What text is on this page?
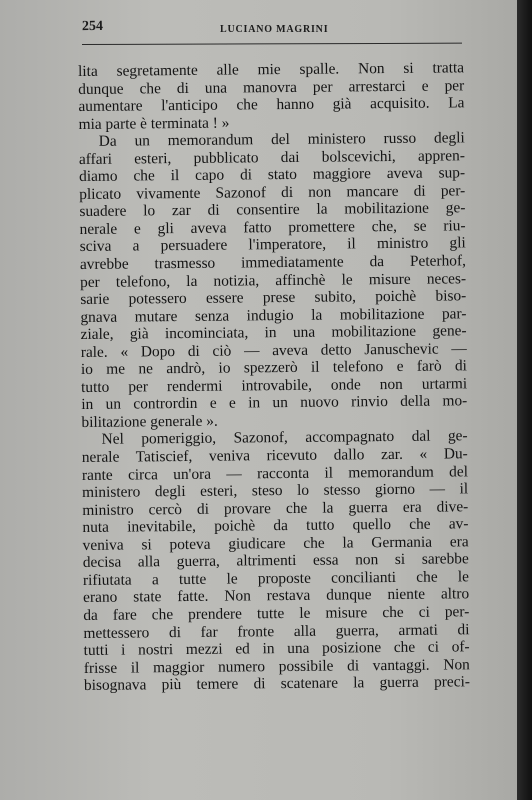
254	LUCIANO MAGRINI
lita segretamente alle mie spalle. Non si tratta
dunque che di una manovra per arrestarci e per
aumentare l'anticipo che hanno già acquisito. La
mia parte è terminata ! »
Da un memorandum del ministero russo degli
affari esteri, pubblicato dai bolscevichi, appren-
diamo che il capo di stato maggiore aveva sup-
plicato vivamente Sazonof di non mancare di per-
suadere lo zar di consentire la mobilitazione ge-
nerale e gli aveva fatto promettere che, se riu-
sciva a persuadere l'imperatore, il ministro gli
avrebbe trasmesso immediatamente da Peterhof,
per telefono, la notizia, affinchè le misure neces-
sarie potessero essere prese subito, poichè biso-
gnava mutare senza indugio la mobilitazione par-
ziale, già incominciata, in una mobilitazione gene-
rale. « Dopo di ciò — aveva detto Januschevic —
io me ne andrò, io spezzerò il telefono e farò di
tutto per rendermi introvabile, onde non urtarmi
in un contrordin e e in un nuovo rinvio della mo-
bilitazione generale ».
Nel pomeriggio, Sazonof, accompagnato dal ge-
nerale Tatiscief, veniva ricevuto dallo zar. « Du-
rante circa un'ora — racconta il memorandum del
ministero degli esteri, steso lo stesso giorno — il
ministro cercò di provare che la guerra era dive-
nuta inevitabile, poichè da tutto quello che av-
veniva si poteva giudicare che la Germania era
decisa alla guerra, altrimenti essa non si sarebbe
rifiutata a tutte le proposte concilianti che le
erano state fatte. Non restava dunque niente altro
da fare che prendere tutte le misure che ci per-
mettessero di far fronte alla guerra, armati di
tutti i nostri mezzi ed in una posizione che ci of-
frisse il maggior numero possibile di vantaggi. Non
bisognava più temere di scatenare la guerra preci-
